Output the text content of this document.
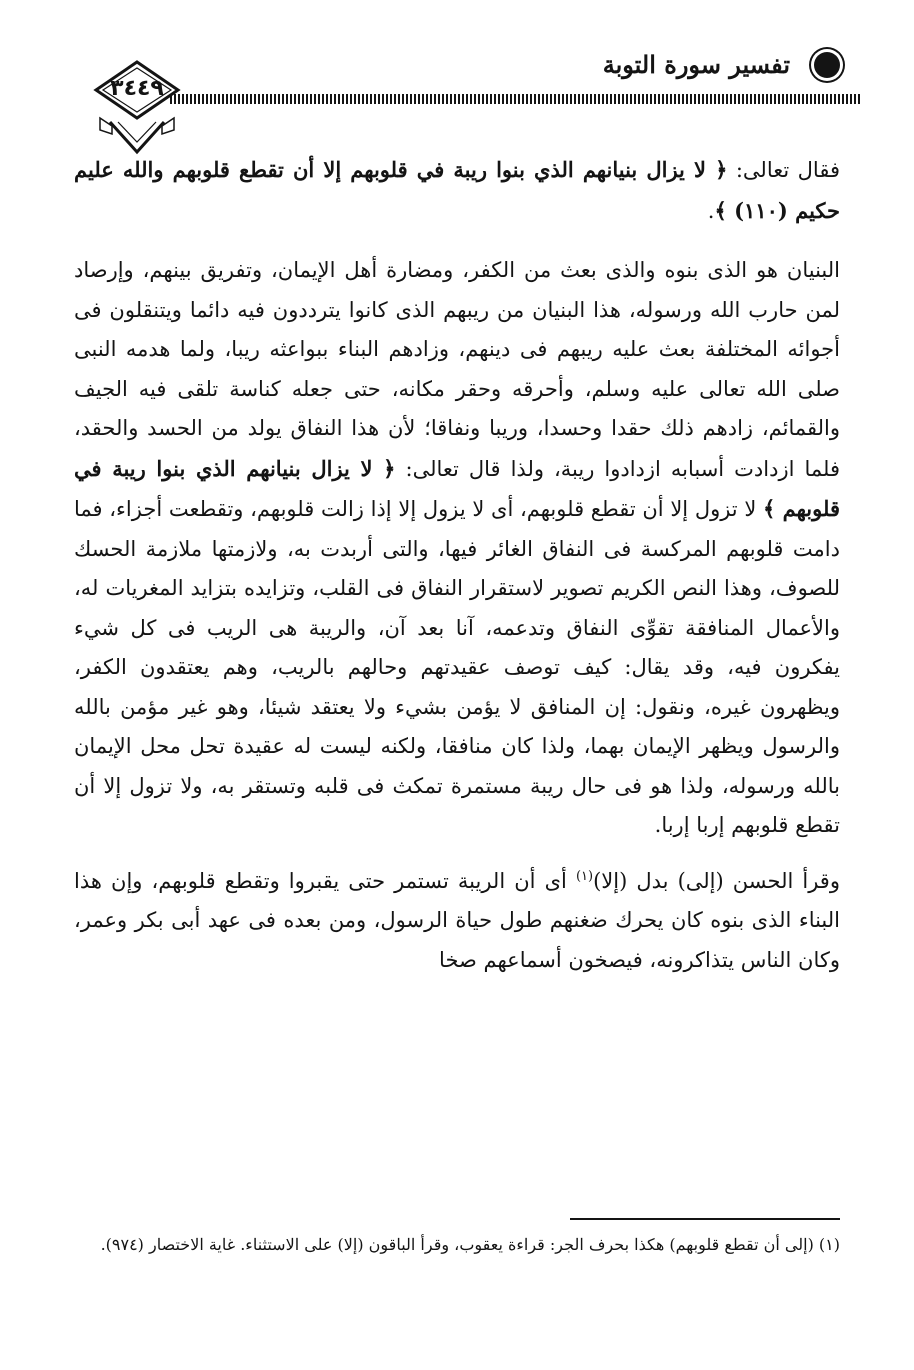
تفسير سورة التوبة
٣٤٤٩

فقال تعالى: ﴿ لا يزال بنيانهم الذي بنوا ريبة في قلوبهم إلا أن تقطع قلوبهم والله عليم حكيم (١١٠) ﴾.

البنيان هو الذى بنوه والذى بعث من الكفر، ومضارة أهل الإيمان، وتفريق بينهم، وإرصاد لمن حارب الله ورسوله، هذا البنيان من ريبهم الذى كانوا يترددون فيه دائما ويتنقلون فى أجوائه المختلفة بعث عليه ريبهم فى دينهم، وزادهم البناء ببواعثه ريبا، ولما هدمه النبى صلى الله تعالى عليه وسلم، وأحرقه وحقر مكانه، حتى جعله كناسة تلقى فيه الجيف والقمائم، زادهم ذلك حقدا وحسدا، وريبا ونفاقا؛ لأن هذا النفاق يولد من الحسد والحقد، فلما ازدادت أسبابه ازدادوا ريبة، ولذا قال تعالى: ﴿ لا يزال بنيانهم الذي بنوا ريبة في قلوبهم ﴾ لا تزول إلا أن تقطع قلوبهم، أى لا يزول إلا إذا زالت قلوبهم، وتقطعت أجزاء، فما دامت قلوبهم المركسة فى النفاق الغائر فيها، والتى أربدت به، ولازمتها ملازمة الحسك للصوف، وهذا النص الكريم تصوير لاستقرار النفاق فى القلب، وتزايده بتزايد المغريات له، والأعمال المنافقة تقوِّى النفاق وتدعمه، آنا بعد آن، والريبة هى الريب فى كل شيء يفكرون فيه، وقد يقال: كيف توصف عقيدتهم وحالهم بالريب، وهم يعتقدون الكفر، ويظهرون غيره، ونقول: إن المنافق لا يؤمن بشيء ولا يعتقد شيئا، وهو غير مؤمن بالله والرسول ويظهر الإيمان بهما، ولذا كان منافقا، ولكنه ليست له عقيدة تحل محل الإيمان بالله ورسوله، ولذا هو فى حال ريبة مستمرة تمكث فى قلبه وتستقر به، ولا تزول إلا أن تقطع قلوبهم إربا إربا.

وقرأ الحسن (إلى) بدل (إلا)$^{(١)}$ أى أن الريبة تستمر حتى يقبروا وتقطع قلوبهم، وإن هذا البناء الذى بنوه كان يحرك ضغنهم طول حياة الرسول، ومن بعده فى عهد أبى بكر وعمر، وكان الناس يتذاكرونه، فيصخون أسماعهم صخا

(١) (إلى أن تقطع قلوبهم) هكذا بحرف الجر: قراءة يعقوب، وقرأ الباقون (إلا) على الاستثناء. غاية الاختصار (٩٧٤).
